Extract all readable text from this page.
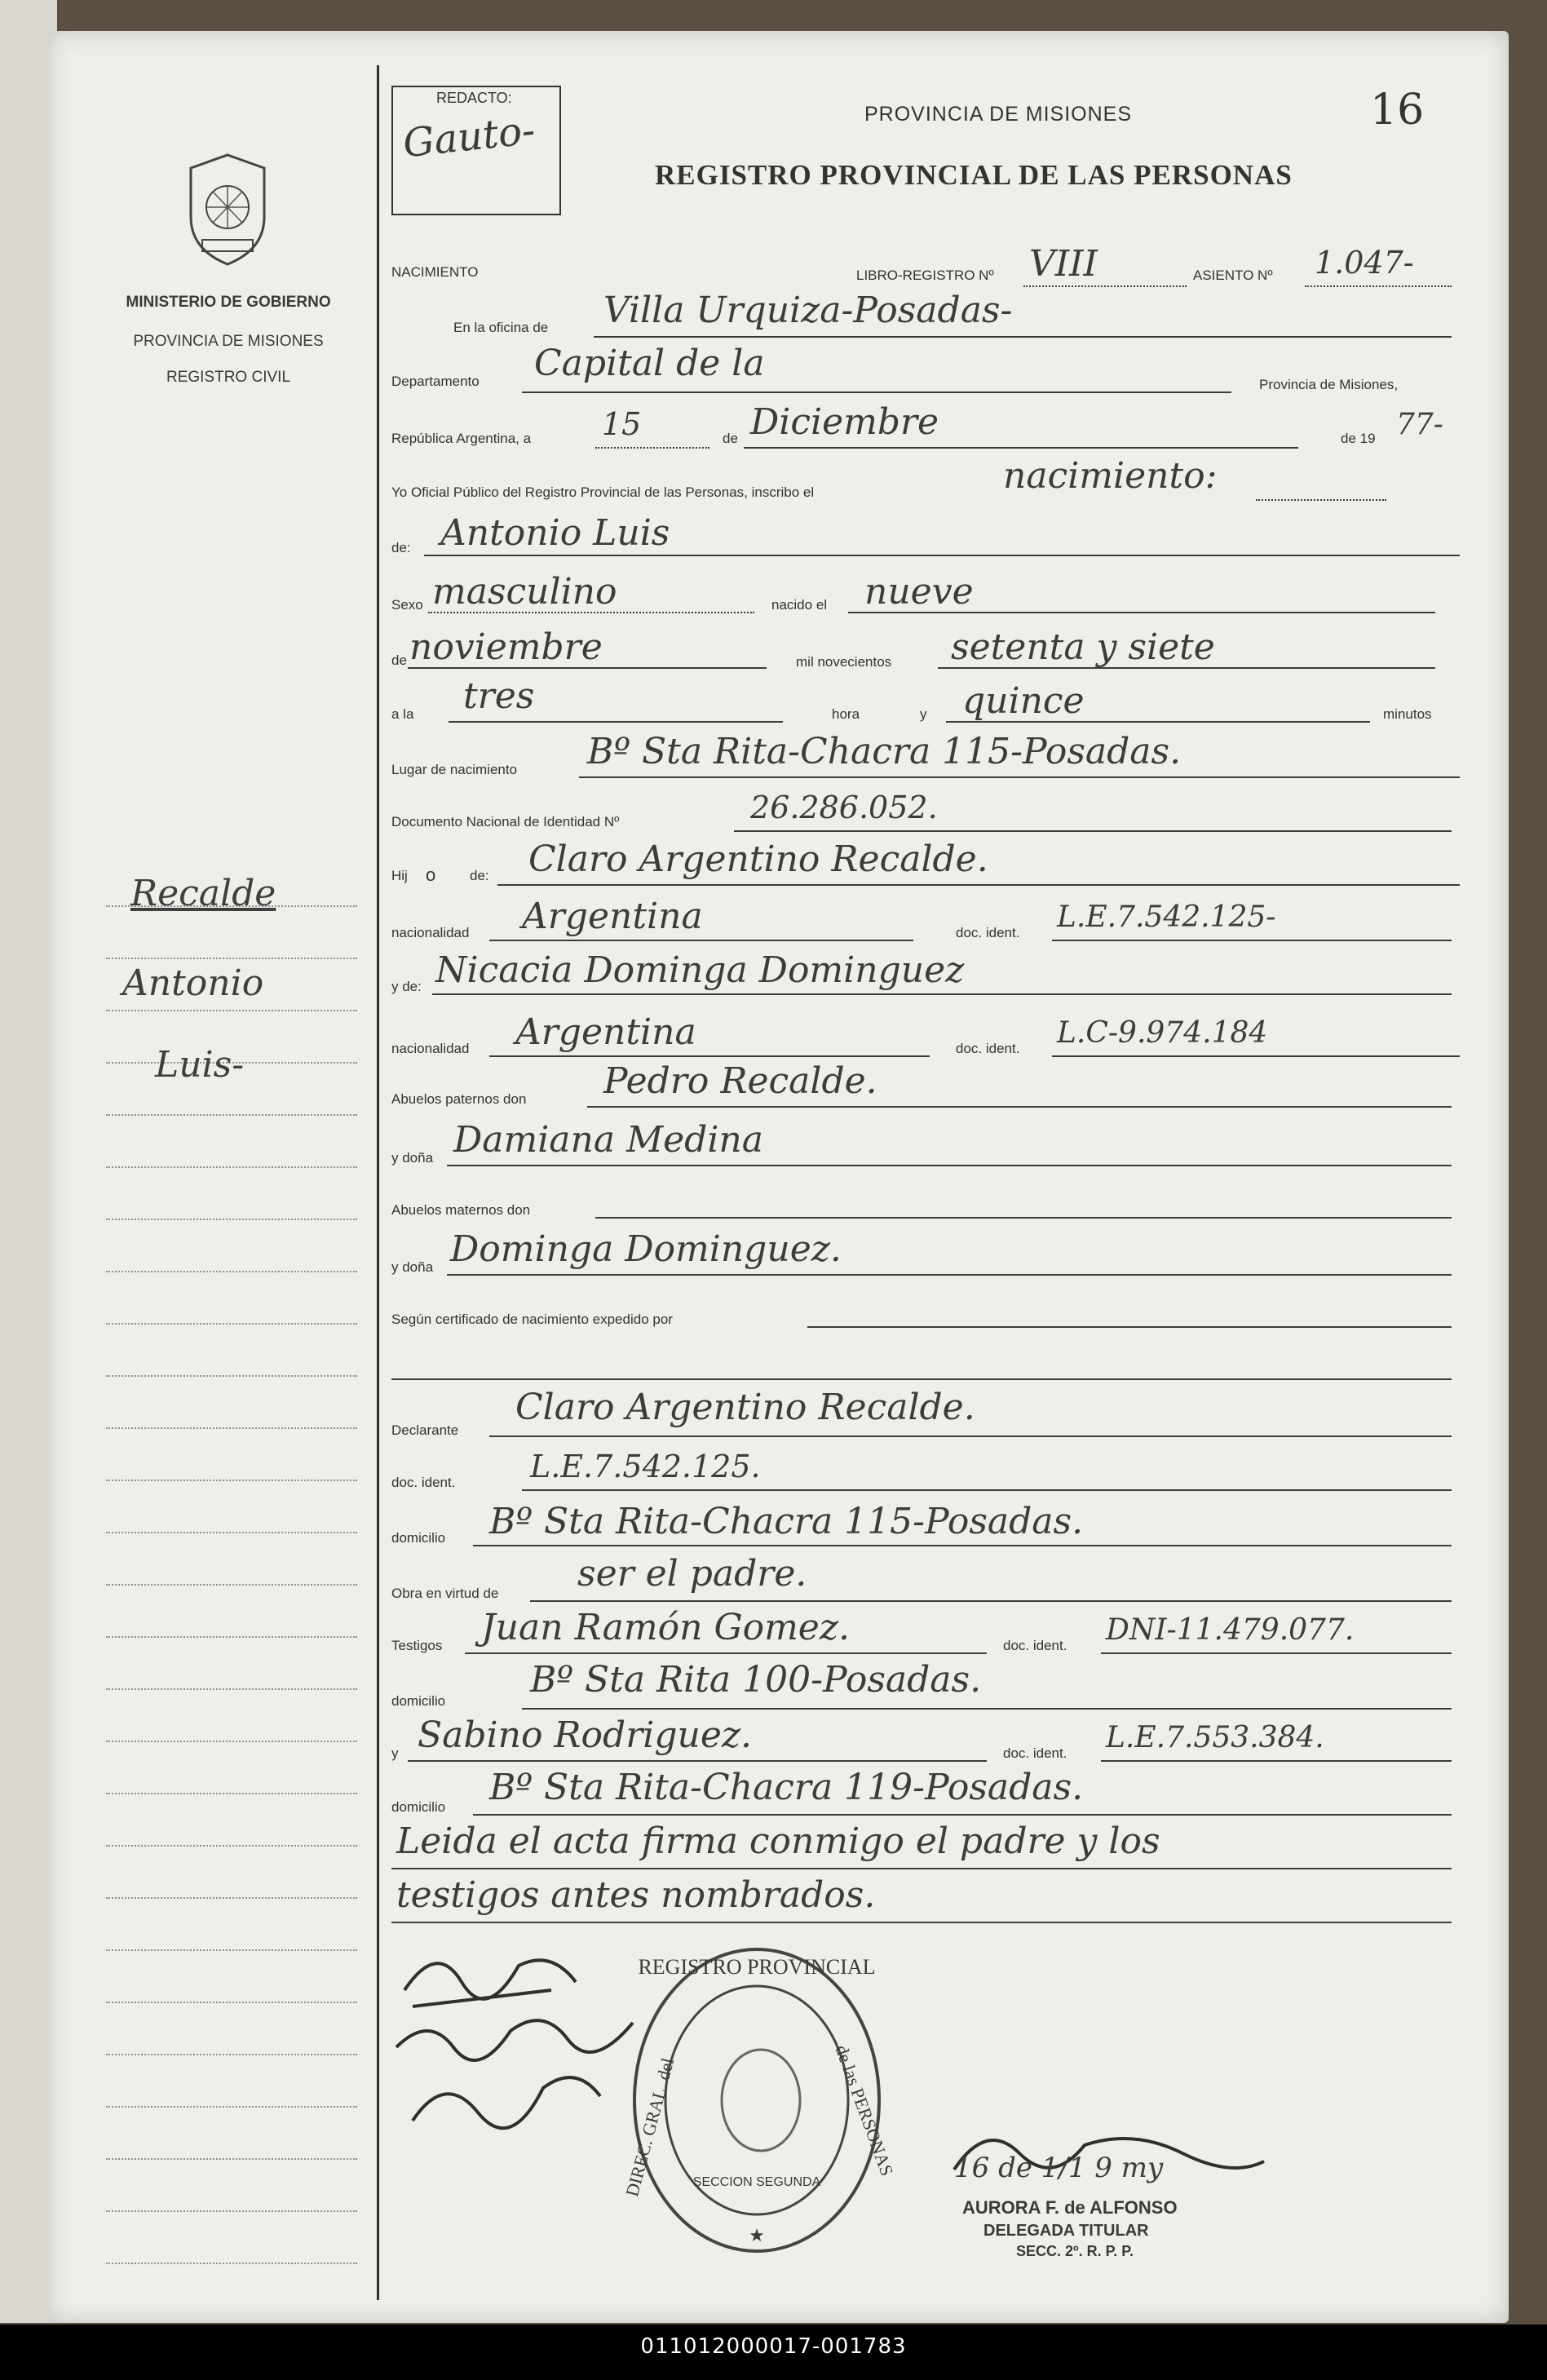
MINISTERIO DE GOBIERNO
PROVINCIA DE MISIONES
REGISTRO CIVIL
Recalde
Antonio
Luis-
REDACTO:
Gauto-	PROVINCIA DE MISIONES	16
REGISTRO PROVINCIAL DE LAS PERSONAS
NACIMIENTO	LIBRO-REGISTRO Nº VIII	ASIENTO Nº 1.047-
En la oficina de Villa Urquiza-Posadas-
Departamento Capital de la
Provincia de Misiones,
República Argentina, a 15	de Diciembre	de 19 77-
Yo Oficial Público del Registro Provincial de las Personas, inscribo el	nacimiento:
de: Antonio Luis
Sexo masculino	nacido el nueve
de noviembre	mil novecientos setenta y siete
a la tres	hora	y quince	minutos
Lugar de nacimiento Bº Sta Rita-Chacra 115-Posadas.
Documento Nacional de Identidad Nº	26.286.052.
Hij o de: Claro Argentino Recalde.
nacionalidad Argentina	doc. ident. L.E.7.542.125-
y de: Nicacia Dominga Dominguez
nacionalidad Argentina	doc. ident. L.C-9.974.184
Abuelos paternos don Pedro Recalde.
y doña Damiana Medina
Abuelos maternos don
y doña Dominga Dominguez.
Según certificado de nacimiento expedido por
Declarante
Claro Argentino Recalde.
doc. ident. L.E.7.542.125.
domicilio Bº Sta Rita-Chacra 115-Posadas.
Obra en virtud de ser el padre.
Testigos Juan Ramón Gomez.	doc. ident. DNI-11.479.077.
domicilio
Bº Sta Rita 100-Posadas.
y Sabino Rodriguez.	doc. ident. L.E.7.553.384.
domicilio Bº Sta Rita-Chacra 119-Posadas.
Leida el acta firma conmigo el padre y los
testigos antes nombrados.
REGISTRO PROVINCIAL
de las PERSONAS
DIREC. GRAL. del SECCION SEGUNDA
★
16 de 1/1 9 my
AURORA F. de ALFONSO
DELEGADA TITULAR
SECC. 2º. R. P. P.
011012000017-001783
